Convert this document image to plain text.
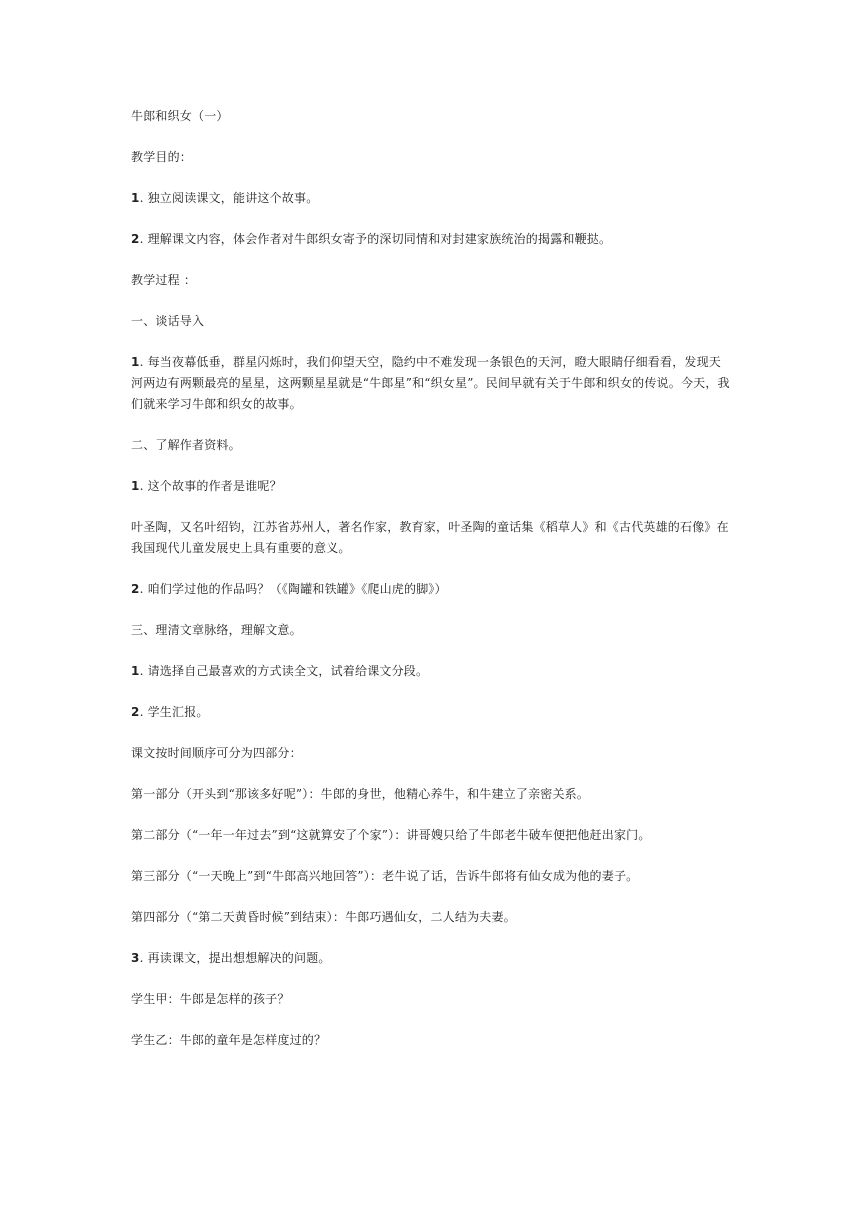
牛郎和织女（一）

教学目的：

1. 独立阅读课文，能讲这个故事。

2. 理解课文内容，体会作者对牛郎织女寄予的深切同情和对封建家族统治的揭露和鞭挞。

教学过程 ：

一、谈话导入

1. 每当夜幕低垂，群星闪烁时，我们仰望天空，隐约中不难发现一条银色的天河，瞪大眼睛仔细看看，发现天河两边有两颗最亮的星星，这两颗星星就是“牛郎星”和“织女星”。民间早就有关于牛郎和织女的传说。今天，我们就来学习牛郎和织女的故事。

二、了解作者资料。

1. 这个故事的作者是谁呢？

叶圣陶，又名叶绍钧，江苏省苏州人，著名作家，教育家，叶圣陶的童话集《稻草人》和《古代英雄的石像》在我国现代儿童发展史上具有重要的意义。

2. 咱们学过他的作品吗？（《陶罐和铁罐》《爬山虎的脚》）

三、理清文章脉络，理解文意。

1. 请选择自己最喜欢的方式读全文，试着给课文分段。

2. 学生汇报。

课文按时间顺序可分为四部分：

第一部分（开头到“那该多好呢”）：牛郎的身世，他精心养牛，和牛建立了亲密关系。

第二部分（“一年一年过去”到“这就算安了个家”）：讲哥嫂只给了牛郎老牛破车便把他赶出家门。

第三部分（“一天晚上”到“牛郎高兴地回答”）：老牛说了话，告诉牛郎将有仙女成为他的妻子。

第四部分（“第二天黄昏时候”到结束）：牛郎巧遇仙女，二人结为夫妻。

3. 再读课文，提出想想解决的问题。

学生甲：牛郎是怎样的孩子？

学生乙：牛郎的童年是怎样度过的？
